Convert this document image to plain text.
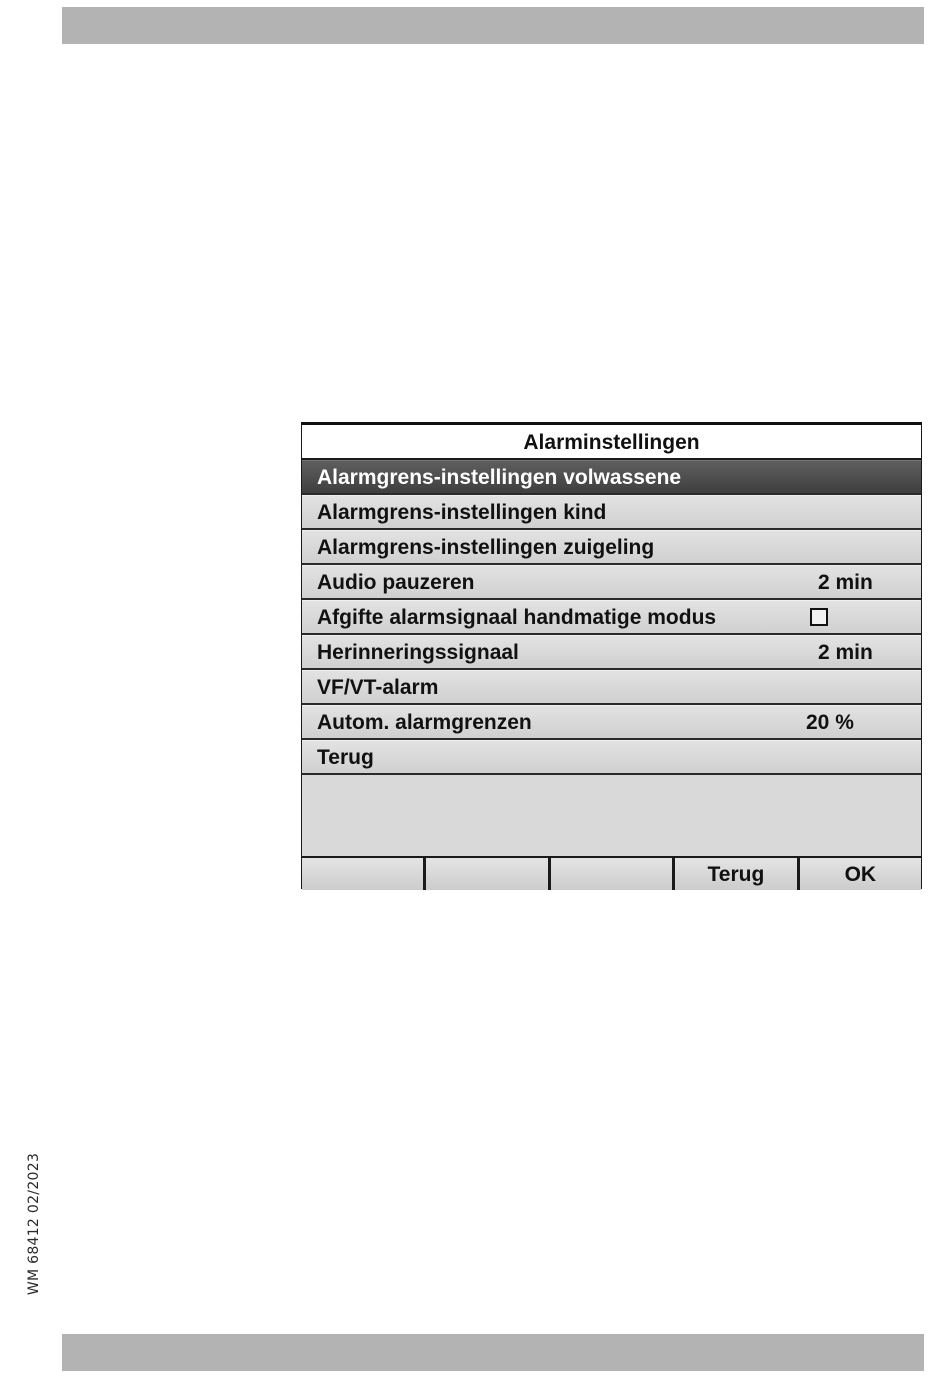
WM 68412 02/2023
Alarminstellingen
Alarmgrens-instellingen volwassene
Alarmgrens-instellingen kind
Alarmgrens-instellingen zuigeling
Audio pauzeren	2 min
Afgifte alarmsignaal handmatige modus
Herinneringssignaal	2 min
VF/VT-alarm
Autom. alarmgrenzen	20 %
Terug
Terug	OK
